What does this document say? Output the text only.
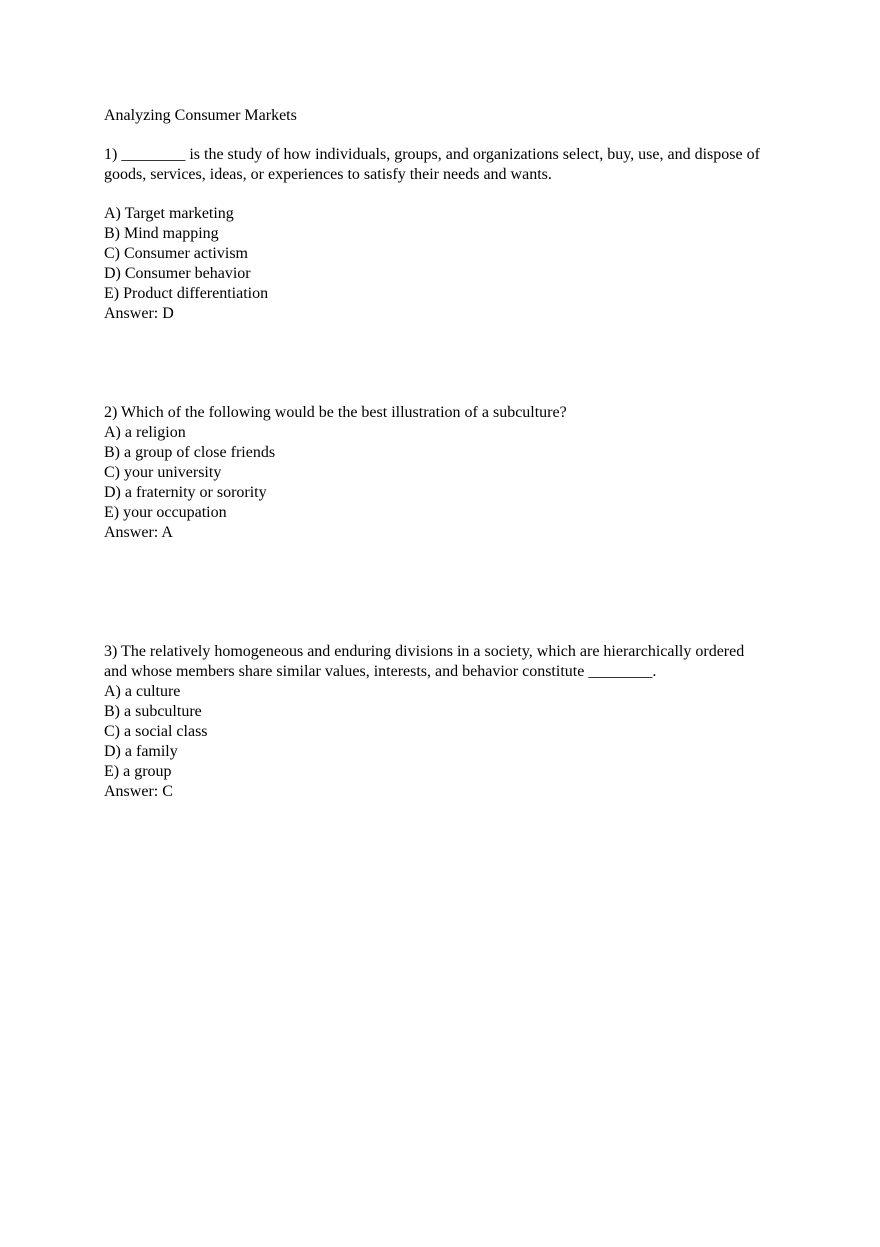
Analyzing Consumer Markets

1) ________ is the study of how individuals, groups, and organizations select, buy, use, and dispose of goods, services, ideas, or experiences to satisfy their needs and wants.

A) Target marketing
B) Mind mapping
C) Consumer activism
D) Consumer behavior
E) Product differentiation

Answer: D

2) Which of the following would be the best illustration of a subculture?

A) a religion
B) a group of close friends
C) your university
D) a fraternity or sorority
E) your occupation

Answer: A

3) The relatively homogeneous and enduring divisions in a society, which are hierarchically ordered and whose members share similar values, interests, and behavior constitute ________.

A) a culture
B) a subculture
C) a social class
D) a family
E) a group

Answer: C
